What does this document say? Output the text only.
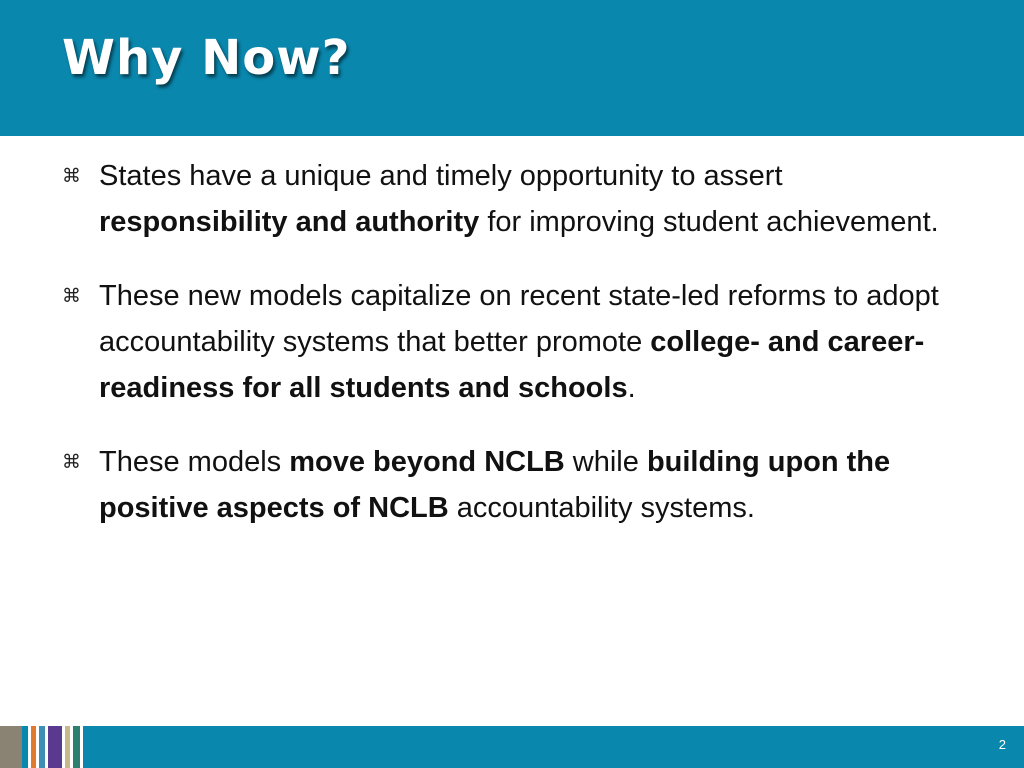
Why Now?
⌘ States have a unique and timely opportunity to assert responsibility and authority for improving student achievement.
⌘ These new models capitalize on recent state-led reforms to adopt accountability systems that better promote college- and career-readiness for all students and schools.
⌘ These models move beyond NCLB while building upon the positive aspects of NCLB accountability systems.
2
